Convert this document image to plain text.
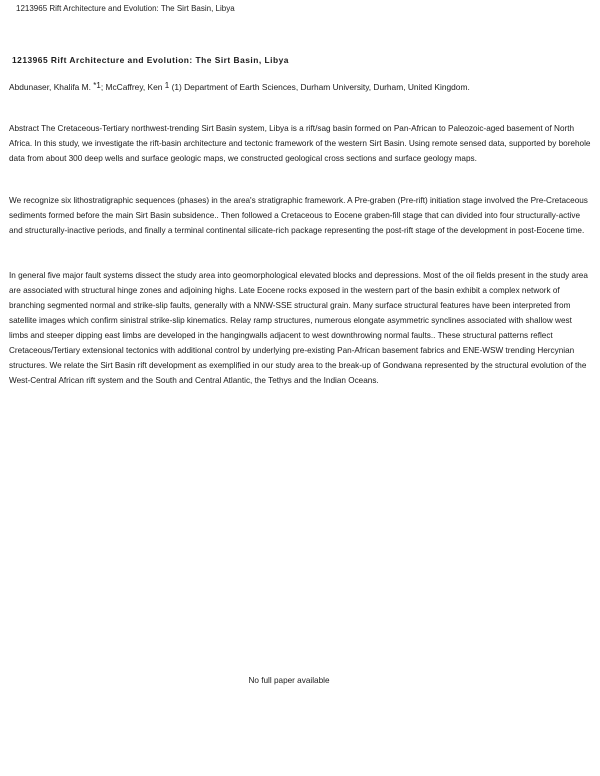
1213965 Rift Architecture and Evolution: The Sirt Basin, Libya
1213965 Rift Architecture and Evolution: The Sirt Basin, Libya
Abdunaser, Khalifa M. $^{*1}$; McCaffrey, Ken $^1$ (1) Department of Earth Sciences, Durham University, Durham, United Kingdom.

Abstract The Cretaceous-Tertiary northwest-trending Sirt Basin system, Libya is a rift/sag basin formed on Pan-African to Paleozoic-aged basement of North Africa. In this study, we investigate the rift-basin architecture and tectonic framework of the western Sirt Basin. Using remote sensed data, supported by borehole data from about 300 deep wells and surface geologic maps, we constructed geological cross sections and surface geology maps.

We recognize six lithostratigraphic sequences (phases) in the area's stratigraphic framework. A Pre-graben (Pre-rift) initiation stage involved the Pre-Cretaceous sediments formed before the main Sirt Basin subsidence.. Then followed a Cretaceous to Eocene graben-fill stage that can divided into four structurally-active and structurally-inactive periods, and finally a terminal continental silicate-rich package representing the post-rift stage of the development in post-Eocene time.

In general five major fault systems dissect the study area into geomorphological elevated blocks and depressions. Most of the oil fields present in the study area are associated with structural hinge zones and adjoining highs. Late Eocene rocks exposed in the western part of the basin exhibit a complex network of branching segmented normal and strike-slip faults, generally with a NNW-SSE structural grain. Many surface structural features have been interpreted from satellite images which confirm sinistral strike-slip kinematics. Relay ramp structures, numerous elongate asymmetric synclines associated with shallow west limbs and steeper dipping east limbs are developed in the hangingwalls adjacent to west downthrowing normal faults.. These structural patterns reflect Cretaceous/Tertiary extensional tectonics with additional control by underlying pre-existing Pan-African basement fabrics and ENE-WSW trending Hercynian structures. We relate the Sirt Basin rift development as exemplified in our study area to the break-up of Gondwana represented by the structural evolution of the West-Central African rift system and the South and Central Atlantic, the Tethys and the Indian Oceans.

No full paper available
